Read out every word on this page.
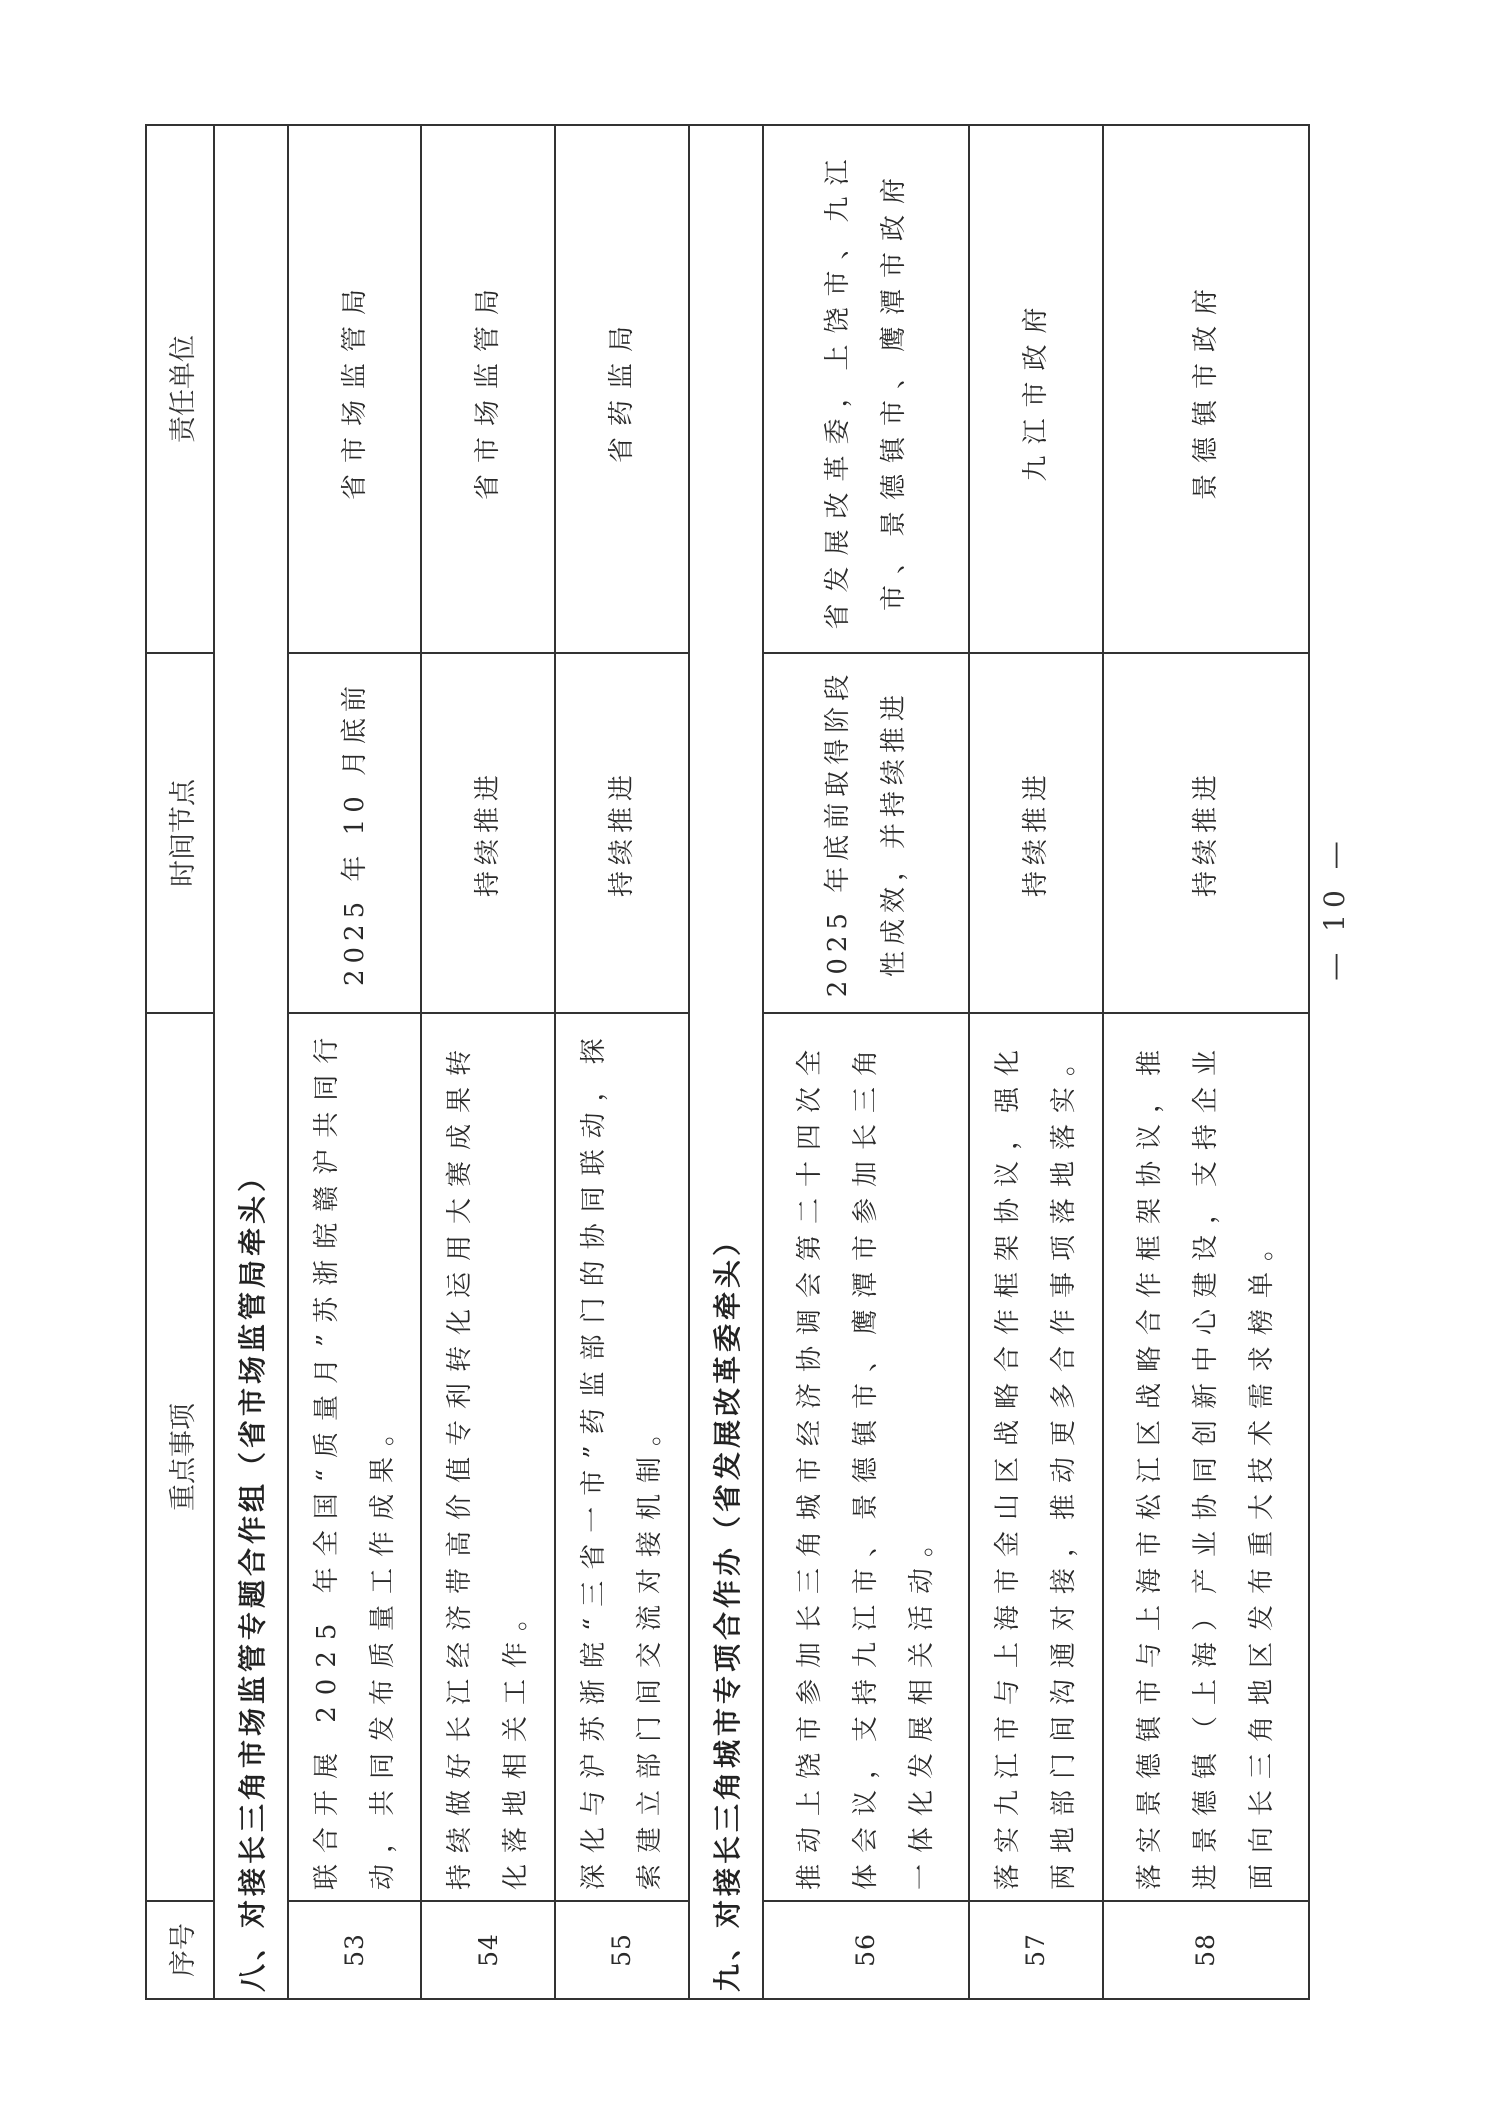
序号	重点事项	时间节点	责任单位
八、对接长三角市场监管专题合作组（省市场监管局牵头）			
53	联合开展 2025 年全国“质量月”苏浙皖赣沪共同行动，共同发布质量工作成果。	2025 年 10 月底前	省市场监管局
54	持续做好长江经济带高价值专利转化运用大赛成果转化落地相关工作。	持续推进	省市场监管局
55	深化与沪苏浙皖“三省一市”药监部门的协同联动，探索建立部门间交流对接机制。	持续推进	省药监局
九、对接长三角城市专项合作办（省发展改革委牵头）			
56	推动上饶市参加长三角城市经济协调会第二十四次全体会议，支持九江市、景德镇市、鹰潭市参加长三角一体化发展相关活动。	2025 年底前取得阶段性成效，并持续推进	省发展改革委，上饶市、九江市、景德镇市、鹰潭市政府
57	落实九江市与上海市金山区战略合作框架协议，强化两地部门间沟通对接，推动更多合作事项落地落实。	持续推进	九江市政府
58	落实景德镇市与上海市松江区战略合作框架协议，推进景德镇（上海）产业协同创新中心建设，支持企业面向长三角地区发布重大技术需求榜单。	持续推进	景德镇市政府
— 10 —
